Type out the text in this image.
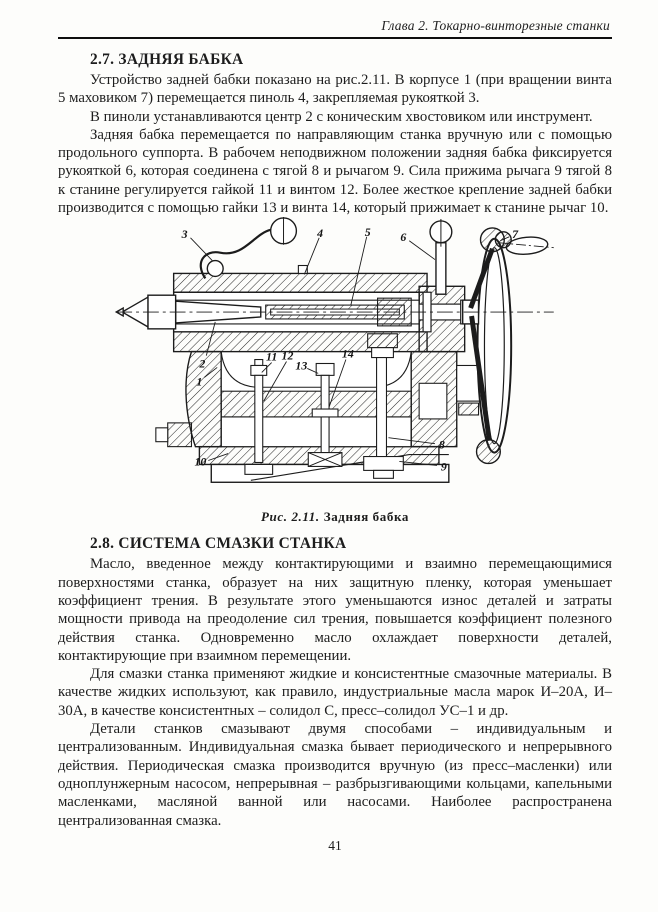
Глава 2. Токарно-винторезные станки
2.7. ЗАДНЯЯ БАБКА

Устройство задней бабки показано на рис.2.11. В корпусе 1 (при вращении винта 5 маховиком 7) перемещается пиноль 4, закрепляемая рукояткой 3.

В пиноли устанавливаются центр 2 с коническим хвостовиком или инструмент.

Задняя бабка перемещается по направляющим станка вручную или с помощью продольного суппорта. В рабочем неподвижном положении задняя бабка фиксируется рукояткой 6, которая соединена с тягой 8 и рычагом 9. Сила прижима рычага 9 тягой 8 к станине регулируется гайкой 11 и винтом 12. Более жесткое крепление задней бабки производится с помощью гайки 13 и винта 14, который прижимает к станине рычаг 10.

1
2
3	4	5 6	7
8
9
10
11 12
13
14
Рис. 2.11. Задняя бабка
2.8. СИСТЕМА СМАЗКИ СТАНКА

Масло, введенное между контактирующими и взаимно перемещающимися поверхностями станка, образует на них защитную пленку, которая уменьшает коэффициент трения. В результате этого уменьшаются износ деталей и затраты мощности привода на преодоление сил трения, повышается коэффициент полезного действия станка. Одновременно масло охлаждает поверхности деталей, контактирующие при взаимном перемещении.

Для смазки станка применяют жидкие и консистентные смазочные материалы. В качестве жидких используют, как правило, индустриальные масла марок И–20А, И–30А, в качестве консистентных – солидол С, пресс–солидол УС–1 и др.

Детали станков смазывают двумя способами – индивидуальным и централизованным. Индивидуальная смазка бывает периодического и непрерывного действия. Периодическая смазка производится вручную (из пресс–масленки) или одноплунжерным насосом, непрерывная – разбрызгивающими кольцами, капельными масленками, масляной ванной или насосами. Наиболее распространена централизованная смазка.

41
